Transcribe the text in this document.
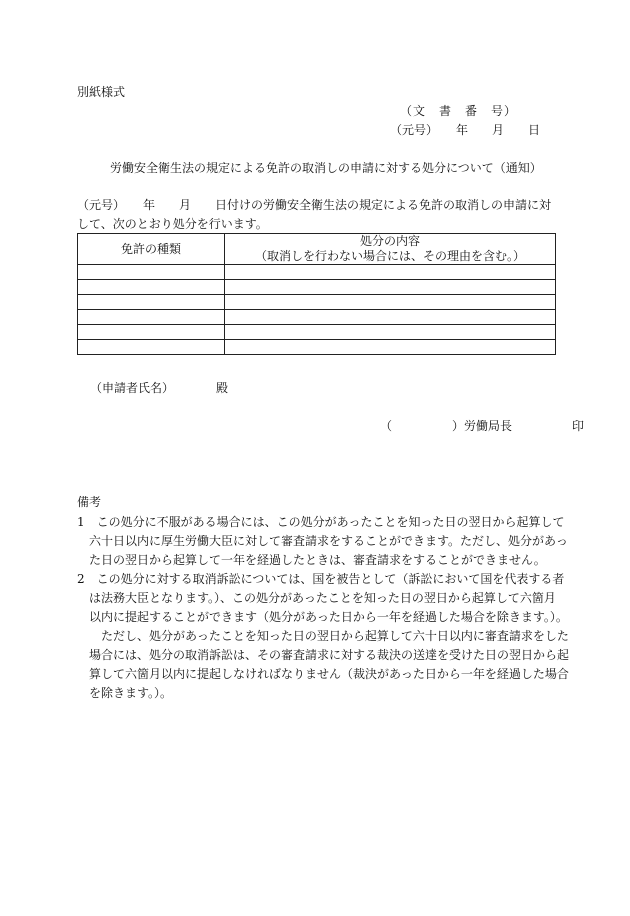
別紙様式
（文　書　番　号）
（元号）　　年　　月　　日
労働安全衛生法の規定による免許の取消しの申請に対する処分について（通知）
（元号）　　年　　月　　日付けの労働安全衛生法の規定による免許の取消しの申請に対
して、次のとおり処分を行います。
免許の種類	処分の内容
（取消しを行わない場合には、その理由を含む。）

（申請者氏名）　　　　殿
（　　　　　）労働局長　　　　　印
備考
1　この処分に不服がある場合には、この処分があったことを知った日の翌日から起算して
　六十日以内に厚生労働大臣に対して審査請求をすることができます。ただし、処分があっ
　た日の翌日から起算して一年を経過したときは、審査請求をすることができません。
2　この処分に対する取消訴訟については、国を被告として（訴訟において国を代表する者
　は法務大臣となります。）、この処分があったことを知った日の翌日から起算して六箇月
　以内に提起することができます（処分があった日から一年を経過した場合を除きます。）。
　　ただし、処分があったことを知った日の翌日から起算して六十日以内に審査請求をした
　場合には、処分の取消訴訟は、その審査請求に対する裁決の送達を受けた日の翌日から起
　算して六箇月以内に提起しなければなりません（裁決があった日から一年を経過した場合
　を除きます。）。
